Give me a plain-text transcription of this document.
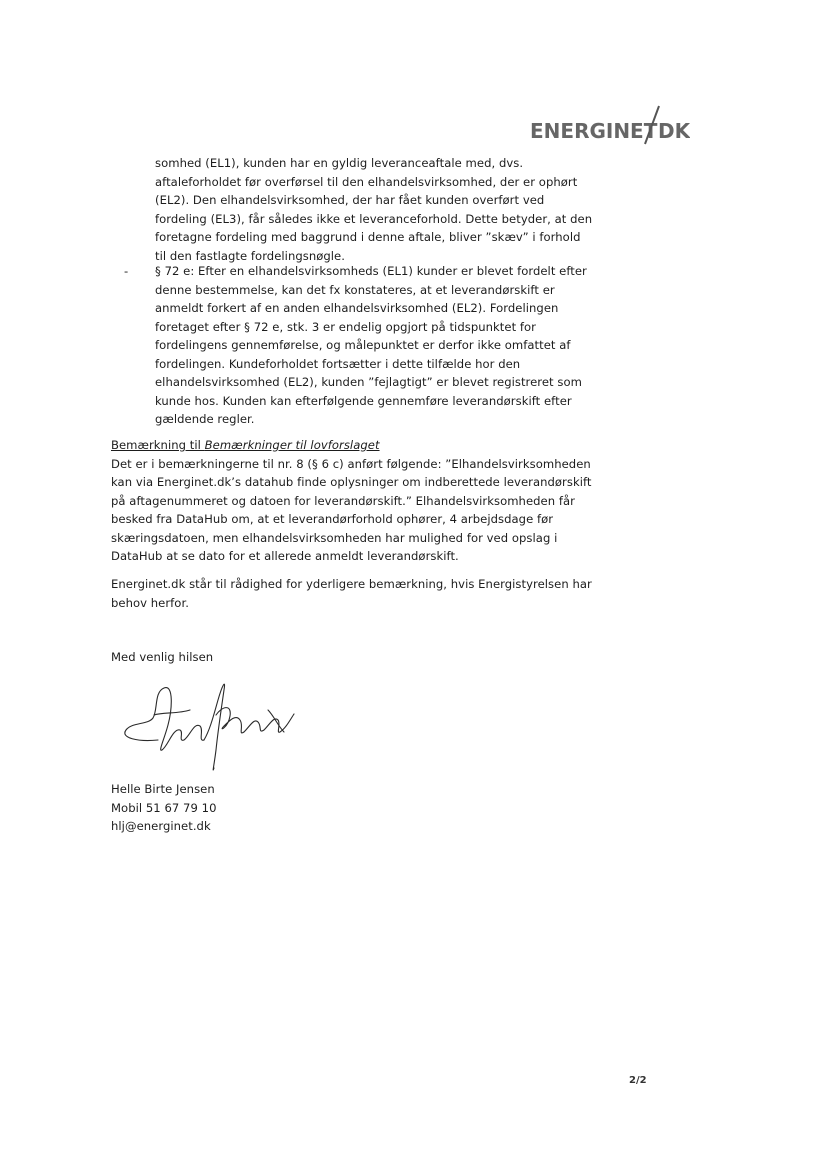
ENERGINET DK

somhed (EL1), kunden har en gyldig leveranceaftale med, dvs. aftaleforholdet før overførsel til den elhandelsvirksomhed, der er ophørt (EL2). Den elhandelsvirksomhed, der har fået kunden overført ved fordeling (EL3), får således ikke et leveranceforhold. Dette betyder, at den foretagne fordeling med baggrund i denne aftale, bliver ”skæv” i forhold til den fastlagte fordelingsnøgle.

-	§ 72 e: Efter en elhandelsvirksomheds (EL1) kunder er blevet fordelt efter denne bestemmelse, kan det fx konstateres, at et leverandørskift er anmeldt forkert af en anden elhandelsvirksomhed (EL2). Fordelingen foretaget efter § 72 e, stk. 3 er endelig opgjort på tidspunktet for fordelingens gennemførelse, og målepunktet er derfor ikke omfattet af fordelingen. Kundeforholdet fortsætter i dette tilfælde hor den elhandelsvirksomhed (EL2), kunden ”fejlagtigt” er blevet registreret som kunde hos. Kunden kan efterfølgende gennemføre leverandørskift efter gældende regler.

Bemærkning til Bemærkninger til lovforslaget

Det er i bemærkningerne til nr. 8 (§ 6 c) anført følgende: ”Elhandelsvirksomheden kan via Energinet.dk’s datahub finde oplysninger om indberettede leverandørskift på aftagenummeret og datoen for leverandørskift.” Elhandelsvirksomheden får besked fra DataHub om, at et leverandørforhold ophører, 4 arbejdsdage før skæringsdatoen, men elhandelsvirksomheden har mulighed for ved opslag i DataHub at se dato for et allerede anmeldt leverandørskift.

Energinet.dk står til rådighed for yderligere bemærkning, hvis Energistyrelsen har behov herfor.

Med venlig hilsen

Helle Birte Jensen
Mobil 51 67 79 10
hlj@energinet.dk
2/2
